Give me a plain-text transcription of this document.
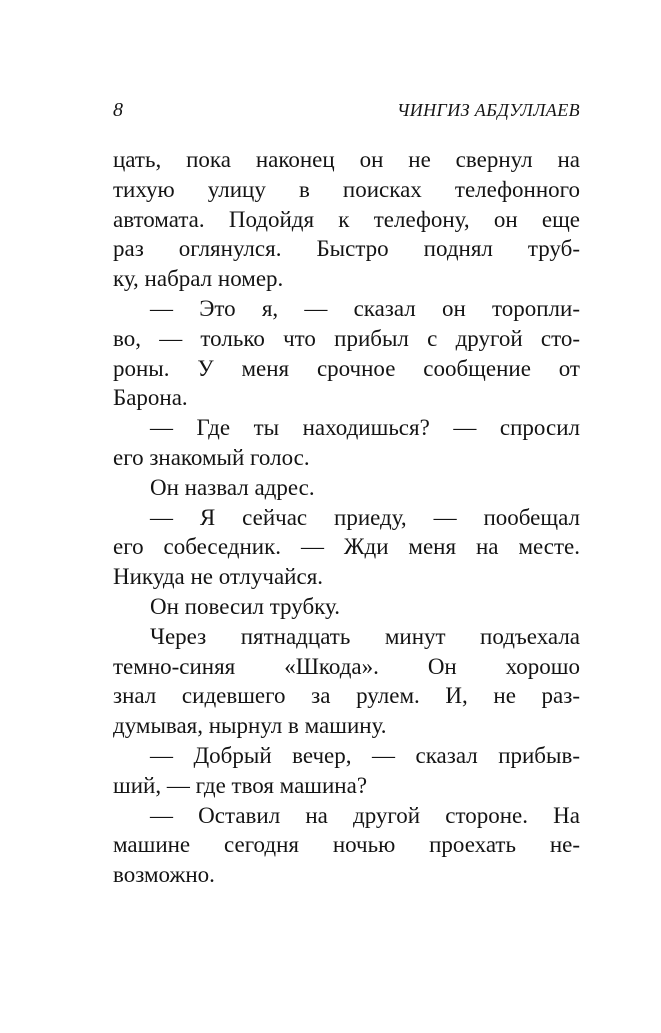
8	ЧИНГИЗ АБДУЛЛАЕВ
цать, пока наконец он не свернул на
тихую улицу в поисках телефонного
автомата. Подойдя к телефону, он еще
раз оглянулся. Быстро поднял труб-
ку, набрал номер.
— Это я, — сказал он торопли-
во, — только что прибыл с другой сто-
роны. У меня срочное сообщение от
Барона.
— Где ты находишься? — спросил
его знакомый голос.
Он назвал адрес.
— Я сейчас приеду, — пообещал
его собеседник. — Жди меня на месте.
Никуда не отлучайся.
Он повесил трубку.
Через пятнадцать минут подъехала
темно-синяя «Шкода». Он хорошо
знал сидевшего за рулем. И, не раз-
думывая, нырнул в машину.
— Добрый вечер, — сказал прибыв-
ший, — где твоя машина?
— Оставил на другой стороне. На
машине сегодня ночью проехать не-
возможно.
